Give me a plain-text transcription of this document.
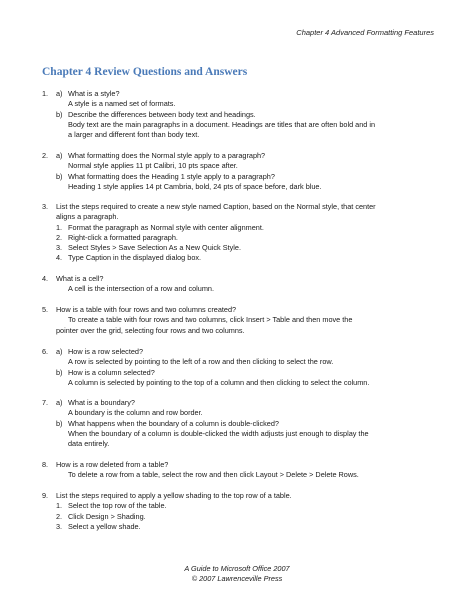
Chapter 4 Advanced Formatting Features
Chapter 4 Review Questions and Answers
1.	a) What is a style?
A style is a named set of formats.
b) Describe the differences between body text and headings.
Body text are the main paragraphs in a document. Headings are titles that are often bold and in
a larger and different font than body text.
2.	a) What formatting does the Normal style apply to a paragraph?
Normal style applies 11 pt Calibri, 10 pts space after.
b) What formatting does the Heading 1 style apply to a paragraph?
Heading 1 style applies 14 pt Cambria, bold, 24 pts of space before, dark blue.
3.	List the steps required to create a new style named Caption, based on the Normal style, that center
aligns a paragraph.
1. Format the paragraph as Normal style with center alignment.
2. Right-click a formatted paragraph.
3. Select Styles > Save Selection As a New Quick Style.
4. Type Caption in the displayed dialog box.
4.	What is a cell?
A cell is the intersection of a row and column.
5.	How is a table with four rows and two columns created?
To create a table with four rows and two columns, click Insert > Table and then move the
pointer over the grid, selecting four rows and two columns.
6.	a) How is a row selected?
A row is selected by pointing to the left of a row and then clicking to select the row.
b) How is a column selected?
A column is selected by pointing to the top of a column and then clicking to select the column.
7.	a) What is a boundary?
A boundary is the column and row border.
b) What happens when the boundary of a column is double-clicked?
When the boundary of a column is double-clicked the width adjusts just enough to display the
data entirely.
8.	How is a row deleted from a table?
To delete a row from a table, select the row and then click Layout > Delete > Delete Rows.
9.	List the steps required to apply a yellow shading to the top row of a table.
1. Select the top row of the table.
2. Click Design > Shading.
3. Select a yellow shade.
A Guide to Microsoft Office 2007
© 2007 Lawrenceville Press
